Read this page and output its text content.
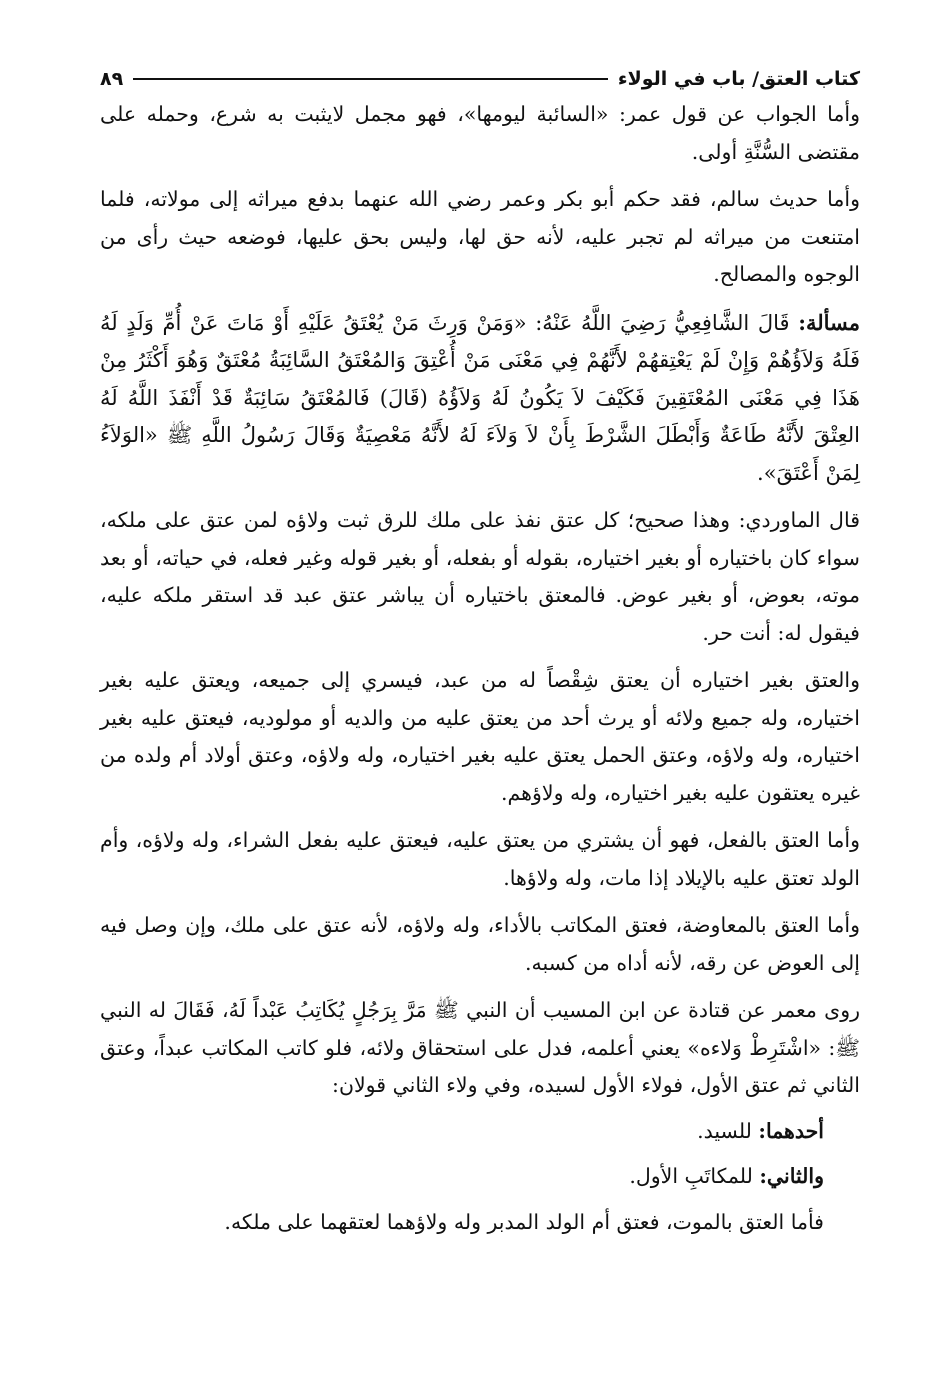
كتاب العتق/ باب في الولاء
٨٩

وأما الجواب عن قول عمر: «السائبة ليومها»، فهو مجمل لايثبت به شرع، وحمله على مقتضى السُّنَّةِ أولى.

وأما حديث سالم، فقد حكم أبو بكر وعمر رضي الله عنهما بدفع ميراثه إلى مولاته، فلما امتنعت من ميراثه لم تجبر عليه، لأنه حق لها، وليس بحق عليها، فوضعه حيث رأى من الوجوه والمصالح.

مسألة: قَالَ الشَّافِعِيُّ رَضِيَ اللَّهُ عَنْهُ: «وَمَنْ وَرِثَ مَنْ يُعْتَقُ عَلَيْهِ أَوْ مَاتَ عَنْ أُمِّ وَلَدٍ لَهُ فَلَهُ وَلاَؤُهُمْ وَإِنْ لَمْ يَعْتِقهُمْ لأَنَّهُمْ فِي مَعْنَى مَنْ أُعْتِقَ وَالمُعْتَقُ السَّائِبَةُ مُعْتَقٌ وَهُوَ أَكْثَرُ مِنْ هَذَا فِي مَعْنَى المُعْتَقِينَ فَكَيْفَ لاَ يَكُونُ لَهُ وَلاَؤُهُ (قَالَ) فَالمُعْتَقُ سَائِبَةٌ قَدْ أَنْفَذَ اللَّهُ لَهُ العِتْقَ لأَنَّهُ طَاعَةٌ وَأَبْطَلَ الشَّرْطَ بِأَنْ لاَ وَلاَءَ لَهُ لأَنَّهُ مَعْصِيَةٌ وَقَالَ رَسُولُ اللَّهِ ﷺ «الوَلاَءُ لِمَنْ أَعْتَقَ».

قال الماوردي: وهذا صحيح؛ كل عتق نفذ على ملك للرق ثبت ولاؤه لمن عتق على ملكه، سواء كان باختياره أو بغير اختياره، بقوله أو بفعله، أو بغير قوله وغير فعله، في حياته، أو بعد موته، بعوض، أو بغير عوض. فالمعتق باختياره أن يباشر عتق عبد قد استقر ملكه عليه، فيقول له: أنت حر.

والعتق بغير اختياره أن يعتق شِقْصاً له من عبد، فيسري إلى جميعه، ويعتق عليه بغير اختياره، وله جميع ولائه أو يرث أحد من يعتق عليه من والديه أو مولوديه، فيعتق عليه بغير اختياره، وله ولاؤه، وعتق الحمل يعتق عليه بغير اختياره، وله ولاؤه، وعتق أولاد أم ولده من غيره يعتقون عليه بغير اختياره، وله ولاؤهم.

وأما العتق بالفعل، فهو أن يشتري من يعتق عليه، فيعتق عليه بفعل الشراء، وله ولاؤه، وأم الولد تعتق عليه بالإيلاد إذا مات، وله ولاؤها.

وأما العتق بالمعاوضة، فعتق المكاتب بالأداء، وله ولاؤه، لأنه عتق على ملك، وإن وصل فيه إلى العوض عن رقه، لأنه أداه من كسبه.

روى معمر عن قتادة عن ابن المسيب أن النبي ﷺ مَرَّ بِرَجُلٍ يُكَاتِبُ عَبْداً لَهُ، فَقَالَ له النبي ﷺ: «اشْتَرِطْ وَلاءه» يعني أعلمه، فدل على استحقاق ولائه، فلو كاتب المكاتب عبداً، وعتق الثاني ثم عتق الأول، فولاء الأول لسيده، وفي ولاء الثاني قولان:

أحدهما: للسيد.

والثاني: للمكاتَبِ الأول.

فأما العتق بالموت، فعتق أم الولد المدبر وله ولاؤهما لعتقهما على ملكه.
